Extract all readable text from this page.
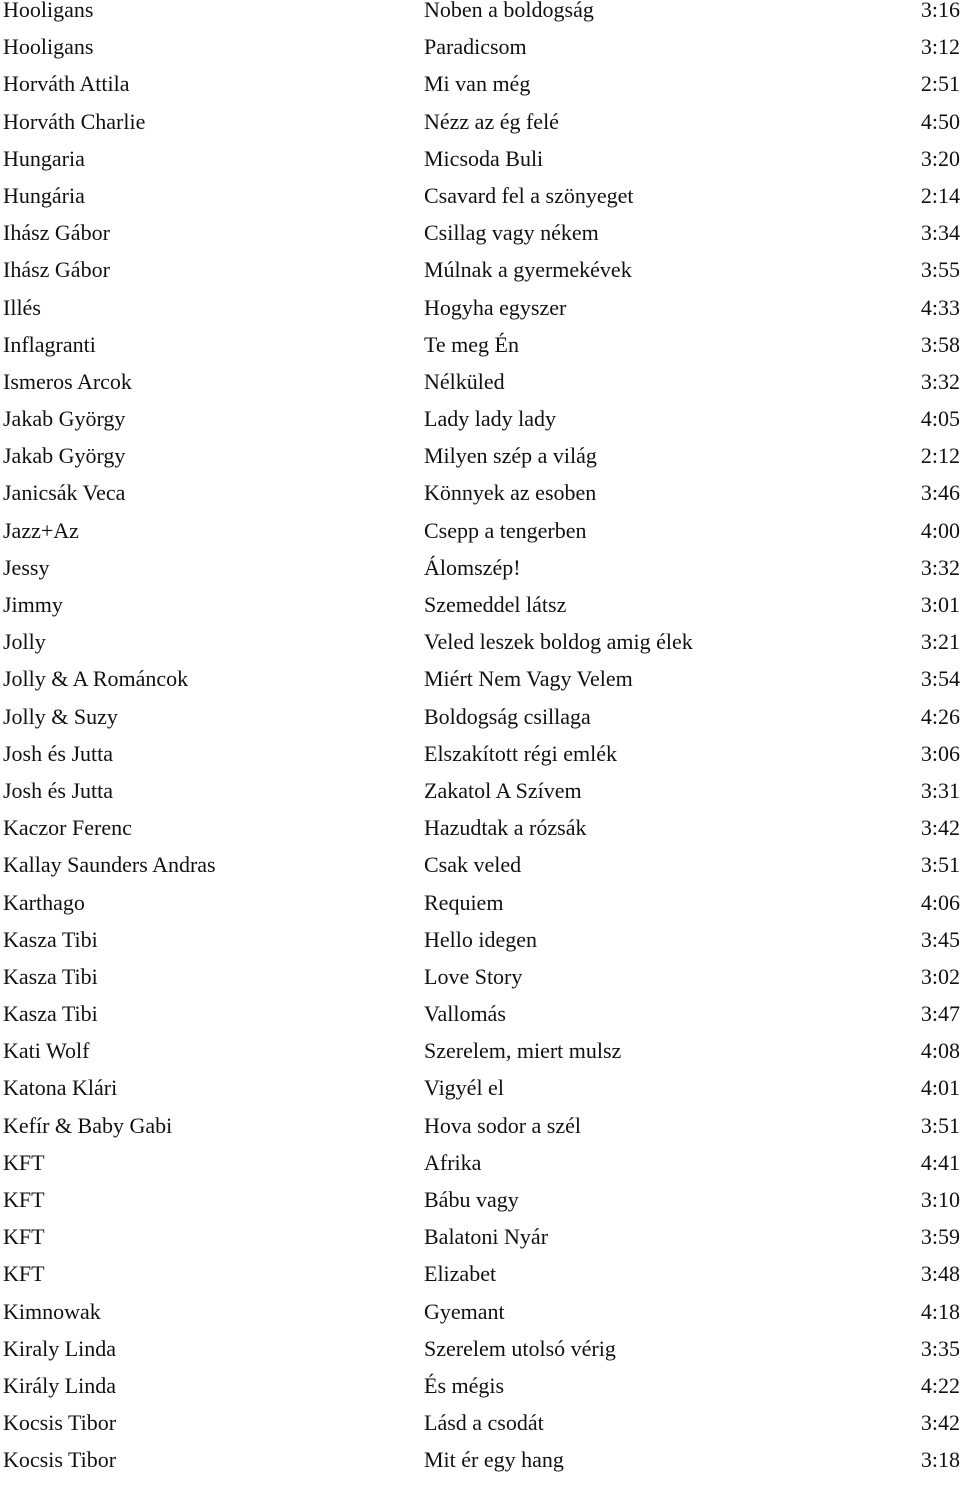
Hooligans	Noben a boldogság	3:16
Hooligans	Paradicsom	3:12
Horváth Attila	Mi van még	2:51
Horváth Charlie	Nézz az ég felé	4:50
Hungaria	Micsoda Buli	3:20
Hungária	Csavard fel a szönyeget	2:14
Ihász Gábor	Csillag vagy nékem	3:34
Ihász Gábor	Múlnak a gyermekévek	3:55
Illés	Hogyha egyszer	4:33
Inflagranti	Te meg Én	3:58
Ismeros Arcok	Nélküled	3:32
Jakab György	Lady lady lady	4:05
Jakab György	Milyen szép a világ	2:12
Janicsák Veca	Könnyek az esoben	3:46
Jazz+Az	Csepp a tengerben	4:00
Jessy	Álomszép!	3:32
Jimmy	Szemeddel látsz	3:01
Jolly	Veled leszek boldog amig élek	3:21
Jolly & A Románcok	Miért Nem Vagy Velem	3:54
Jolly & Suzy	Boldogság csillaga	4:26
Josh és Jutta	Elszakított régi emlék	3:06
Josh és Jutta	Zakatol A Szívem	3:31
Kaczor Ferenc	Hazudtak a rózsák	3:42
Kallay Saunders Andras	Csak veled	3:51
Karthago	Requiem	4:06
Kasza Tibi	Hello idegen	3:45
Kasza Tibi	Love Story	3:02
Kasza Tibi	Vallomás	3:47
Kati Wolf	Szerelem, miert mulsz	4:08
Katona Klári	Vigyél el	4:01
Kefír & Baby Gabi	Hova sodor a szél	3:51
KFT	Afrika	4:41
KFT	Bábu vagy	3:10
KFT	Balatoni Nyár	3:59
KFT	Elizabet	3:48
Kimnowak	Gyemant	4:18
Kiraly Linda	Szerelem utolsó vérig	3:35
Király Linda	És mégis	4:22
Kocsis Tibor	Lásd a csodát	3:42
Kocsis Tibor	Mit ér egy hang	3:18
